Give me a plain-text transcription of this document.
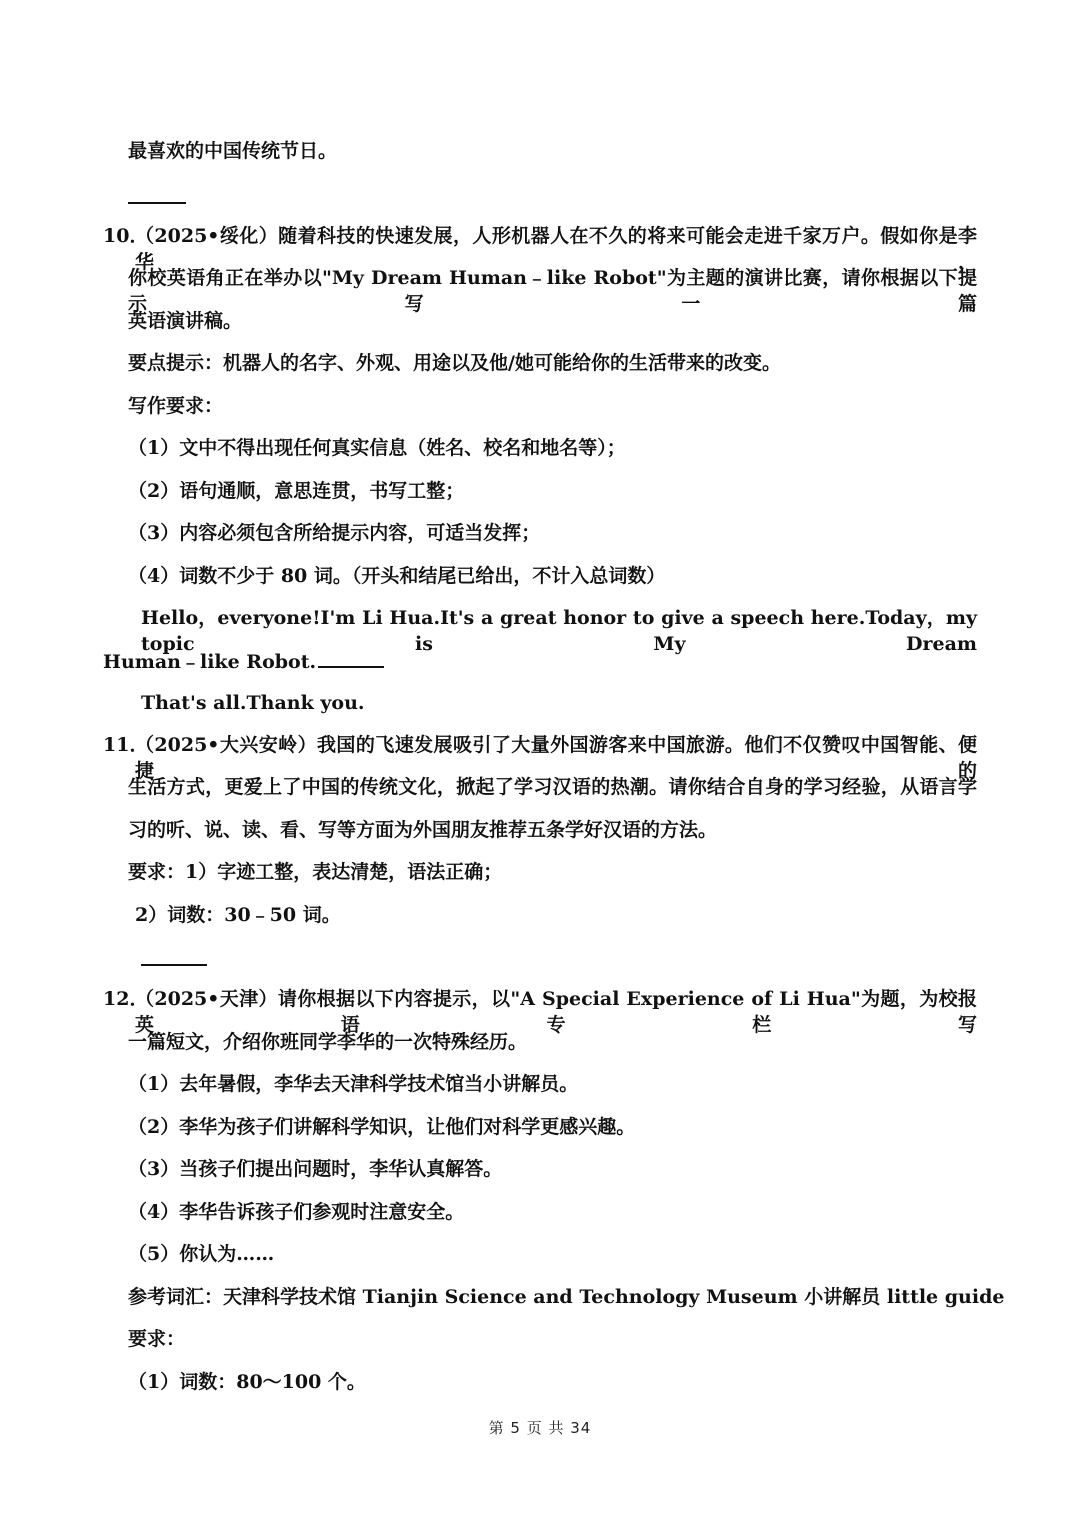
最喜欢的中国传统节日。
10．
（2025•绥化）随着科技的快速发展，人形机器人在不久的将来可能会走进千家万户。假如你是李华，
你校英语角正在举办以"My Dream Human﹣like Robot"为主题的演讲比赛，请你根据以下提示写一篇
英语演讲稿。
要点提示：机器人的名字、外观、用途以及他/她可能给你的生活带来的改变。
写作要求：
（1）文中不得出现任何真实信息（姓名、校名和地名等）；
（2）语句通顺，意思连贯，书写工整；
（3）内容必须包含所给提示内容，可适当发挥；
（4）词数不少于 80 词。（开头和结尾已给出，不计入总词数）
Hello，everyone!I'm Li Hua.It's a great honor to give a speech here.Today，my topic is My Dream
Human﹣like Robot.
That's all.Thank you.
11．
（2025•大兴安岭）我国的飞速发展吸引了大量外国游客来中国旅游。他们不仅赞叹中国智能、便捷的
生活方式，更爱上了中国的传统文化，掀起了学习汉语的热潮。请你结合自身的学习经验，从语言学
习的听、说、读、看、写等方面为外国朋友推荐五条学好汉语的方法。
要求：1）字迹工整，表达清楚，语法正确；
2）词数：30﹣50 词。
12．
（2025•天津）请你根据以下内容提示，以"A Special Experience of Li Hua"为题，为校报英语专栏写
一篇短文，介绍你班同学李华的一次特殊经历。
（1）去年暑假，李华去天津科学技术馆当小讲解员。
（2）李华为孩子们讲解科学知识，让他们对科学更感兴趣。
（3）当孩子们提出问题时，李华认真解答。
（4）李华告诉孩子们参观时注意安全。
（5）你认为……
参考词汇：天津科学技术馆 Tianjin Science and Technology Museum 小讲解员 little guide
要求：
（1）词数：80～100 个。
第 5 页 共 34
